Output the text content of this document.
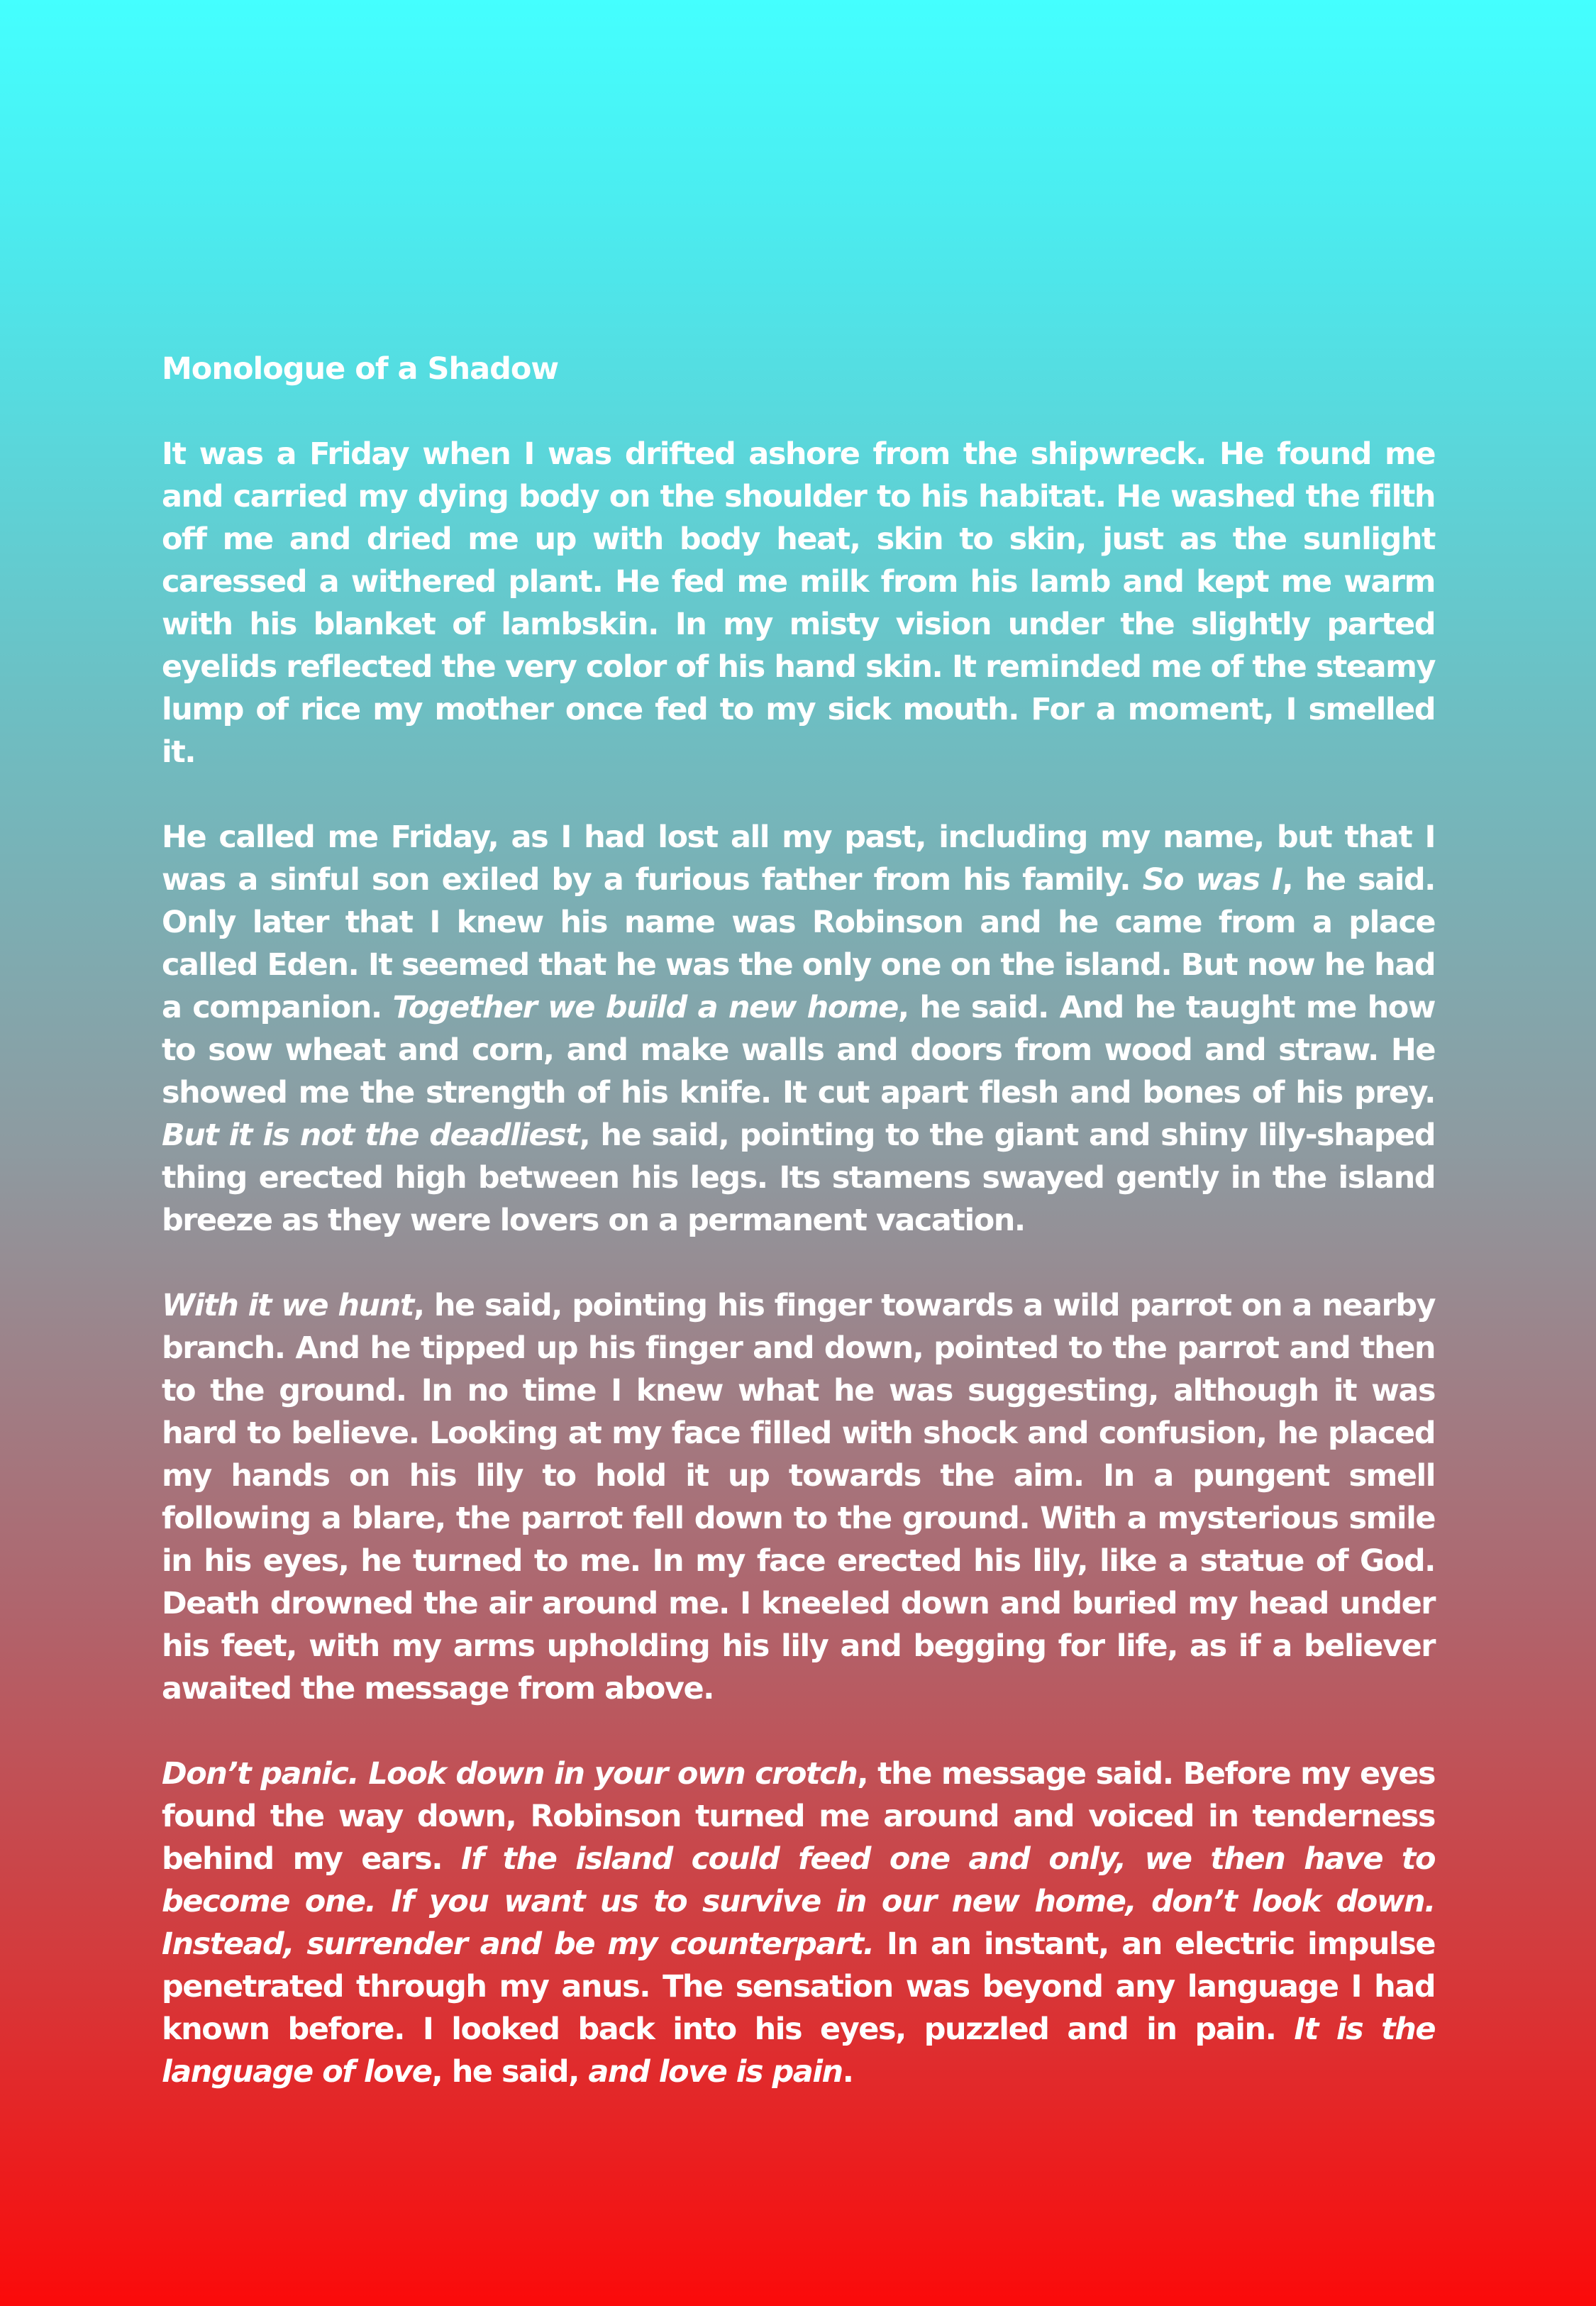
Monologue of a Shadow

It was a Friday when I was drifted ashore from the shipwreck. He found me and carried my dying body on the shoulder to his habitat. He washed the filth off me and dried me up with body heat, skin to skin, just as the sunlight caressed a withered plant. He fed me milk from his lamb and kept me warm with his blanket of lambskin. In my misty vision under the slightly parted eyelids reflected the very color of his hand skin. It reminded me of the steamy lump of rice my mother once fed to my sick mouth. For a moment, I smelled it.

He called me Friday, as I had lost all my past, including my name, but that I was a sinful son exiled by a furious father from his family. So was I, he said. Only later that I knew his name was Robinson and he came from a place called Eden. It seemed that he was the only one on the island. But now he had a companion. Together we build a new home, he said. And he taught me how to sow wheat and corn, and make walls and doors from wood and straw. He showed me the strength of his knife. It cut apart flesh and bones of his prey. But it is not the deadliest, he said, pointing to the giant and shiny lily-shaped thing erected high between his legs. Its stamens swayed gently in the island breeze as they were lovers on a permanent vacation.

With it we hunt, he said, pointing his finger towards a wild parrot on a nearby branch. And he tipped up his finger and down, pointed to the parrot and then to the ground. In no time I knew what he was suggesting, although it was hard to believe. Looking at my face filled with shock and confusion, he placed my hands on his lily to hold it up towards the aim. In a pungent smell following a blare, the parrot fell down to the ground. With a mysterious smile in his eyes, he turned to me. In my face erected his lily, like a statue of God. Death drowned the air around me. I kneeled down and buried my head under his feet, with my arms upholding his lily and begging for life, as if a believer awaited the message from above.

Don’t panic. Look down in your own crotch, the message said. Before my eyes found the way down, Robinson turned me around and voiced in tenderness behind my ears. If the island could feed one and only, we then have to become one. If you want us to survive in our new home, don’t look down. Instead, surrender and be my counterpart. In an instant, an electric impulse penetrated through my anus. The sensation was beyond any language I had known before. I looked back into his eyes, puzzled and in pain. It is the language of love, he said, and love is pain.
